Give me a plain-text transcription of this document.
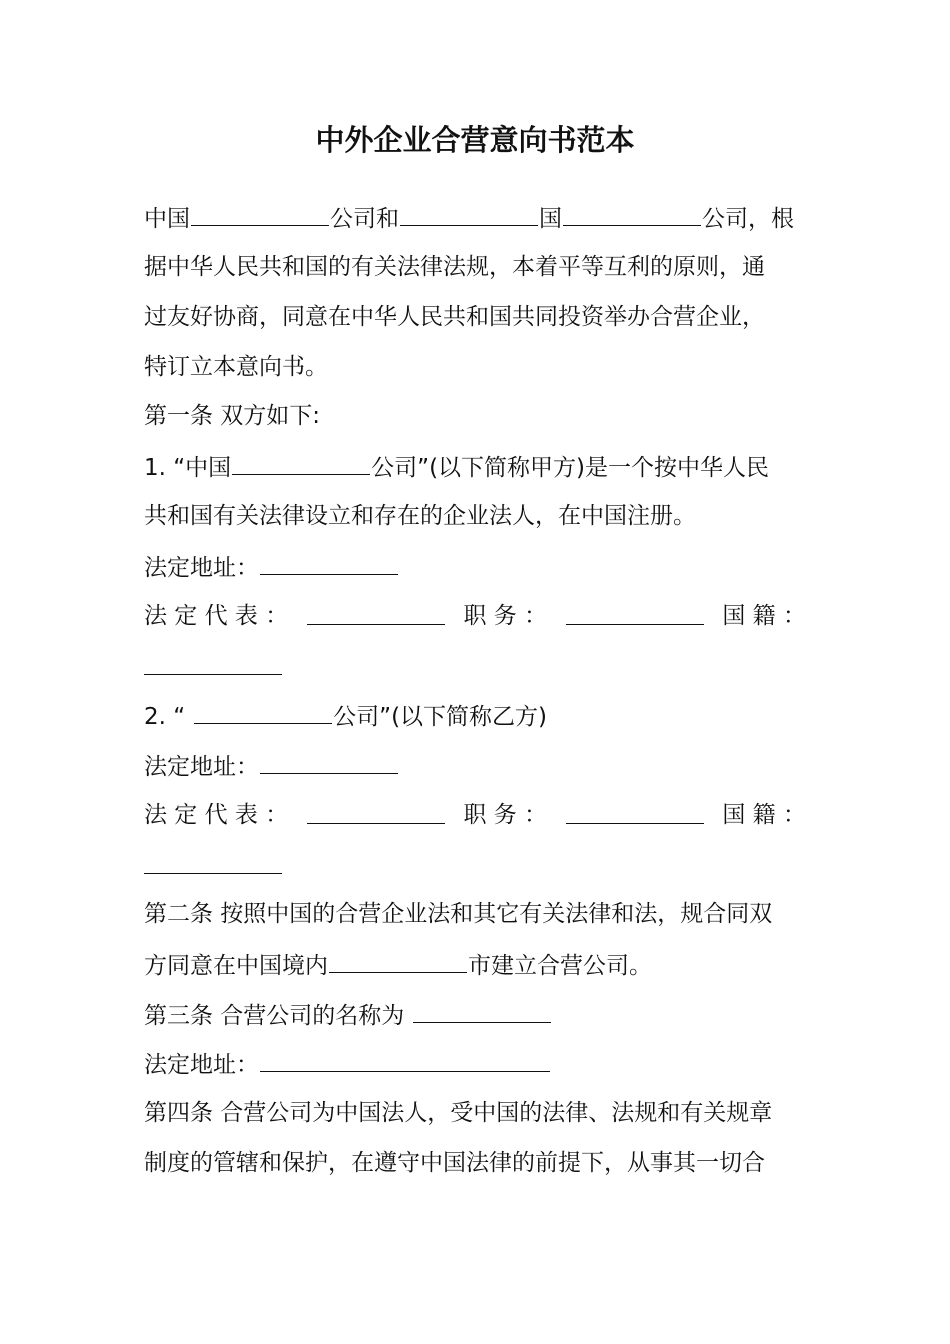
中外企业合营意向书范本
中国	公司和	国	公司，根
据中华人民共和国的有关法律法规，本着平等互利的原则，通
过友好协商，同意在中华人民共和国共同投资举办合营企业，
特订立本意向书。
第一条 双方如下:
1. “中国	公司”(以下简称甲方)是一个按中华人民
共和国有关法律设立和存在的企业法人，在中国注册。
法定地址：
法 定 代 表 ：	职 务 ：	国 籍 ：
2. “	公司”(以下简称乙方)
法定地址：
法 定 代 表 ：	职 务 ：	国 籍 ：
第二条 按照中国的合营企业法和其它有关法律和法，规合同双
方同意在中国境内	市建立合营公司。
第三条 合营公司的名称为
法定地址：
第四条 合营公司为中国法人，受中国的法律、法规和有关规章
制度的管辖和保护，在遵守中国法律的前提下，从事其一切合
